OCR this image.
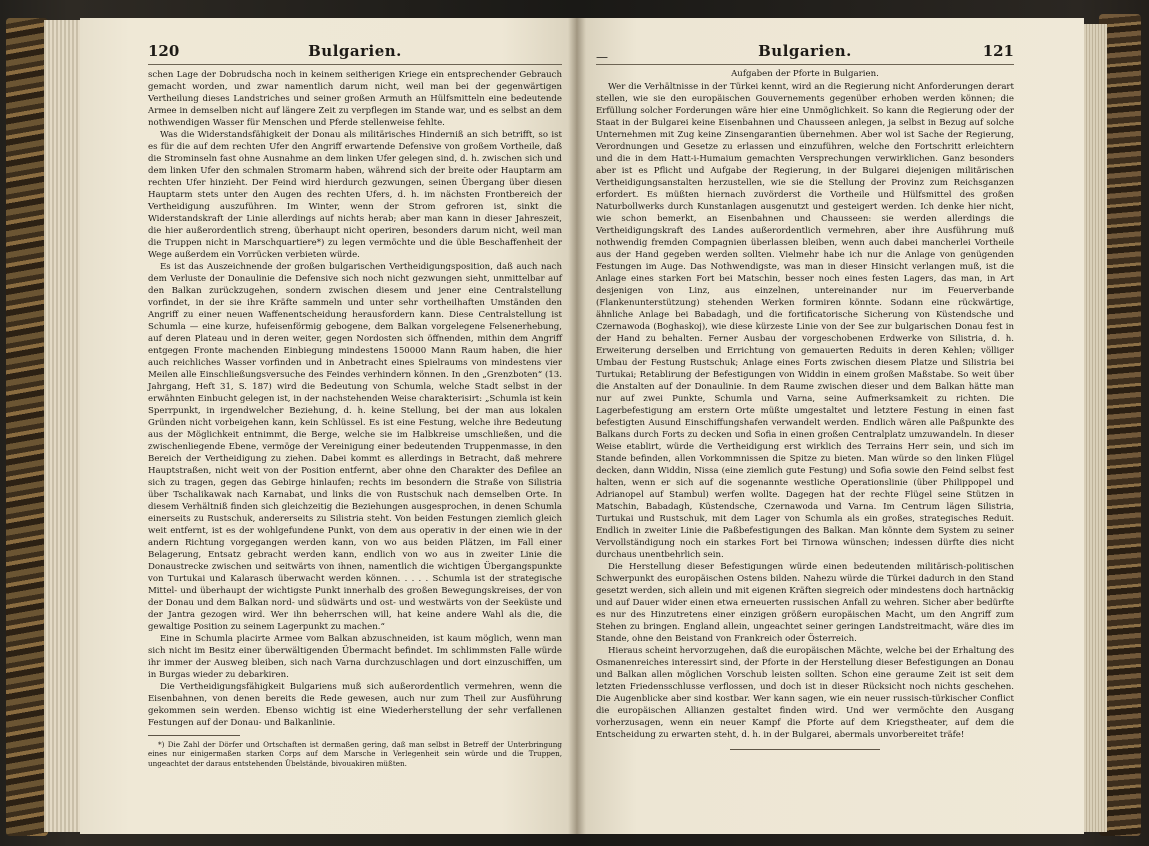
120	Bulgarien.

schen Lage der Dobrudscha noch in keinem seitherigen Kriege ein entsprechender Gebrauch gemacht worden, und zwar namentlich darum nicht, weil man bei der gegenwärtigen Vertheilung dieses Landstriches und seiner großen Armuth an Hülfsmitteln eine bedeutende Armee in demselben nicht auf längere Zeit zu verpflegen im Stande war, und es selbst an dem nothwendigen Wasser für Menschen und Pferde stellenweise fehlte.

Was die Widerstandsfähigkeit der Donau als militärisches Hinderniß an sich betrifft, so ist es für die auf dem rechten Ufer den Angriff erwartende Defensive von großem Vortheile, daß die Strominseln fast ohne Ausnahme an dem linken Ufer gelegen sind, d. h. zwischen sich und dem linken Ufer den schmalen Stromarm haben, während sich der breite oder Hauptarm am rechten Ufer hinzieht. Der Feind wird hierdurch gezwungen, seinen Übergang über diesen Hauptarm stets unter den Augen des rechten Ufers, d. h. im nächsten Frontbereich der Vertheidigung auszuführen. Im Winter, wenn der Strom gefroren ist, sinkt die Widerstandskraft der Linie allerdings auf nichts herab; aber man kann in dieser Jahreszeit, die hier außerordentlich streng, überhaupt nicht operiren, besonders darum nicht, weil man die Truppen nicht in Marschquartiere*) zu legen vermöchte und die üble Beschaffenheit der Wege außerdem ein Vorrücken verbieten würde.

Es ist das Auszeichnende der großen bulgarischen Vertheidigungsposition, daß auch nach dem Verluste der Donaulinie die Defensive sich noch nicht gezwungen sieht, unmittelbar auf den Balkan zurückzugehen, sondern zwischen diesem und jener eine Centralstellung vorfindet, in der sie ihre Kräfte sammeln und unter sehr vortheilhaften Umständen den Angriff zu einer neuen Waffenentscheidung herausfordern kann. Diese Centralstellung ist Schumla — eine kurze, hufeisenförmig gebogene, dem Balkan vorgelegene Felsenerhebung, auf deren Plateau und in deren weiter, gegen Nordosten sich öffnenden, mithin dem Angriff entgegen Fronte machenden Einbiegung mindestens 150000 Mann Raum haben, die hier auch reichliches Wasser vorfinden und in Anbetracht eines Spielraums von mindestens vier Meilen alle Einschließungsversuche des Feindes verhindern können. In den „Grenzboten“ (13. Jahrgang, Heft 31, S. 187) wird die Bedeutung von Schumla, welche Stadt selbst in der erwähnten Einbucht gelegen ist, in der nachstehenden Weise charakterisirt: „Schumla ist kein Sperrpunkt, in irgendwelcher Beziehung, d. h. keine Stellung, bei der man aus lokalen Gründen nicht vorbeigehen kann, kein Schlüssel. Es ist eine Festung, welche ihre Bedeutung aus der Möglichkeit entnimmt, die Berge, welche sie im Halbkreise umschließen, und die zwischenliegende Ebene, vermöge der Vereinigung einer bedeutenden Truppenmasse, in den Bereich der Vertheidigung zu ziehen. Dabei kommt es allerdings in Betracht, daß mehrere Hauptstraßen, nicht weit von der Position entfernt, aber ohne den Charakter des Defilee an sich zu tragen, gegen das Gebirge hinlaufen; rechts im besondern die Straße von Silistria über Tschalikawak nach Karnabat, und links die von Rustschuk nach demselben Orte. In diesem Verhältniß finden sich gleichzeitig die Beziehungen ausgesprochen, in denen Schumla einerseits zu Rustschuk, andererseits zu Silistria steht. Von beiden Festungen ziemlich gleich weit entfernt, ist es der wohlgefundene Punkt, von dem aus operativ in der einen wie in der andern Richtung vorgegangen werden kann, von wo aus beiden Plätzen, im Fall einer Belagerung, Entsatz gebracht werden kann, endlich von wo aus in zweiter Linie die Donaustrecke zwischen und seitwärts von ihnen, namentlich die wichtigen Übergangspunkte von Turtukai und Kalarasch überwacht werden können. . . . . Schumla ist der strategische Mittel- und überhaupt der wichtigste Punkt innerhalb des großen Bewegungskreises, der von der Donau und dem Balkan nord- und südwärts und ost- und westwärts von der Seeküste und der Jantra gezogen wird. Wer ihn beherrschen will, hat keine andere Wahl als die, die gewaltige Position zu seinem Lagerpunkt zu machen.“

Eine in Schumla placirte Armee vom Balkan abzuschneiden, ist kaum möglich, wenn man sich nicht im Besitz einer überwältigenden Übermacht befindet. Im schlimmsten Falle würde ihr immer der Ausweg bleiben, sich nach Varna durchzuschlagen und dort einzuschiffen, um in Burgas wieder zu debarkiren.

Die Vertheidigungsfähigkeit Bulgariens muß sich außerordentlich vermehren, wenn die Eisenbahnen, von denen bereits die Rede gewesen, auch nur zum Theil zur Ausführung gekommen sein werden. Ebenso wichtig ist eine Wiederherstellung der sehr verfallenen Festungen auf der Donau- und Balkanlinie.

*) Die Zahl der Dörfer und Ortschaften ist dermaßen gering, daß man selbst in Betreff der Unterbringung eines nur einigermaßen starken Corps auf dem Marsche in Verlegenheit sein würde und die Truppen, ungeachtet der daraus entstehenden Übelstände, bivouakiren müßten.

—	Bulgarien.	121
Aufgaben der Pforte in Bulgarien.

Wer die Verhältnisse in der Türkei kennt, wird an die Regierung nicht Anforderungen derart stellen, wie sie den europäischen Gouvernements gegenüber erhoben werden können; die Erfüllung solcher Forderungen wäre hier eine Unmöglichkeit. So kann die Regierung oder der Staat in der Bulgarei keine Eisenbahnen und Chausseen anlegen, ja selbst in Bezug auf solche Unternehmen mit Zug keine Zinsengarantien übernehmen. Aber wol ist Sache der Regierung, Verordnungen und Gesetze zu erlassen und einzuführen, welche den Fortschritt erleichtern und die in dem Hatt-i-Humaium gemachten Versprechungen verwirklichen. Ganz besonders aber ist es Pflicht und Aufgabe der Regierung, in der Bulgarei diejenigen militärischen Vertheidigungsanstalten herzustellen, wie sie die Stellung der Provinz zum Reichsganzen erfordert. Es müßten hiernach zuvörderst die Vortheile und Hülfsmittel des großen Naturbollwerks durch Kunstanlagen ausgenutzt und gesteigert werden. Ich denke hier nicht, wie schon bemerkt, an Eisenbahnen und Chausseen: sie werden allerdings die Vertheidigungskraft des Landes außerordentlich vermehren, aber ihre Ausführung muß nothwendig fremden Compagnien überlassen bleiben, wenn auch dabei mancherlei Vortheile aus der Hand gegeben werden sollten. Vielmehr habe ich nur die Anlage von genügenden Festungen im Auge. Das Nothwendigste, was man in dieser Hinsicht verlangen muß, ist die Anlage eines starken Fort bei Matschin, besser noch eines festen Lagers, das man, in Art desjenigen von Linz, aus einzelnen, untereinander nur im Feuerverbande (Flankenunterstützung) stehenden Werken formiren könnte. Sodann eine rückwärtige, ähnliche Anlage bei Babadagh, und die fortificatorische Sicherung von Küstendsche und Czernawoda (Boghaskoj), wie diese kürzeste Linie von der See zur bulgarischen Donau fest in der Hand zu behalten. Ferner Ausbau der vorgeschobenen Erdwerke von Silistria, d. h. Erweiterung derselben und Errichtung von gemauerten Reduits in deren Kehlen; völliger Umbau der Festung Rustschuk; Anlage eines Forts zwischen diesem Platze und Silistria bei Turtukai; Retablirung der Befestigungen von Widdin in einem großen Maßstabe. So weit über die Anstalten auf der Donaulinie. In dem Raume zwischen dieser und dem Balkan hätte man nur auf zwei Punkte, Schumla und Varna, seine Aufmerksamkeit zu richten. Die Lagerbefestigung am erstern Orte müßte umgestaltet und letztere Festung in einen fast befestigten Ausund Einschiffungshafen verwandelt werden. Endlich wären alle Paßpunkte des Balkans durch Forts zu decken und Sofia in einen großen Centralplatz umzuwandeln. In dieser Weise etablirt, würde die Vertheidigung erst wirklich des Terrains Herr sein, und sich im Stande befinden, allen Vorkommnissen die Spitze zu bieten. Man würde so den linken Flügel decken, dann Widdin, Nissa (eine ziemlich gute Festung) und Sofia sowie den Feind selbst fest halten, wenn er sich auf die sogenannte westliche Operationslinie (über Philippopel und Adrianopel auf Stambul) werfen wollte. Dagegen hat der rechte Flügel seine Stützen in Matschin, Babadagh, Küstendsche, Czernawoda und Varna. Im Centrum lägen Silistria, Turtukai und Rustschuk, mit dem Lager von Schumla als ein großes, strategisches Reduit. Endlich in zweiter Linie die Paßbefestigungen des Balkan. Man könnte dem System zu seiner Vervollständigung noch ein starkes Fort bei Tirnowa wünschen; indessen dürfte dies nicht durchaus unentbehrlich sein.

Die Herstellung dieser Befestigungen würde einen bedeutenden militärisch-politischen Schwerpunkt des europäischen Ostens bilden. Nahezu würde die Türkei dadurch in den Stand gesetzt werden, sich allein und mit eigenen Kräften siegreich oder mindestens doch hartnäckig und auf Dauer wider einen etwa erneuerten russischen Anfall zu wehren. Sicher aber bedürfte es nur des Hinzutretens einer einzigen größern europäischen Macht, um den Angriff zum Stehen zu bringen. England allein, ungeachtet seiner geringen Landstreitmacht, wäre dies im Stande, ohne den Beistand von Frankreich oder Österreich.

Hieraus scheint hervorzugehen, daß die europäischen Mächte, welche bei der Erhaltung des Osmanenreiches interessirt sind, der Pforte in der Herstellung dieser Befestigungen an Donau und Balkan allen möglichen Vorschub leisten sollten. Schon eine geraume Zeit ist seit dem letzten Friedensschlusse verflossen, und doch ist in dieser Rücksicht noch nichts geschehen. Die Augenblicke aber sind kostbar. Wer kann sagen, wie ein neuer russisch-türkischer Conflict die europäischen Allianzen gestaltet finden wird. Und wer vermöchte den Ausgang vorherzusagen, wenn ein neuer Kampf die Pforte auf dem Kriegstheater, auf dem die Entscheidung zu erwarten steht, d. h. in der Bulgarei, abermals unvorbereitet träfe!
